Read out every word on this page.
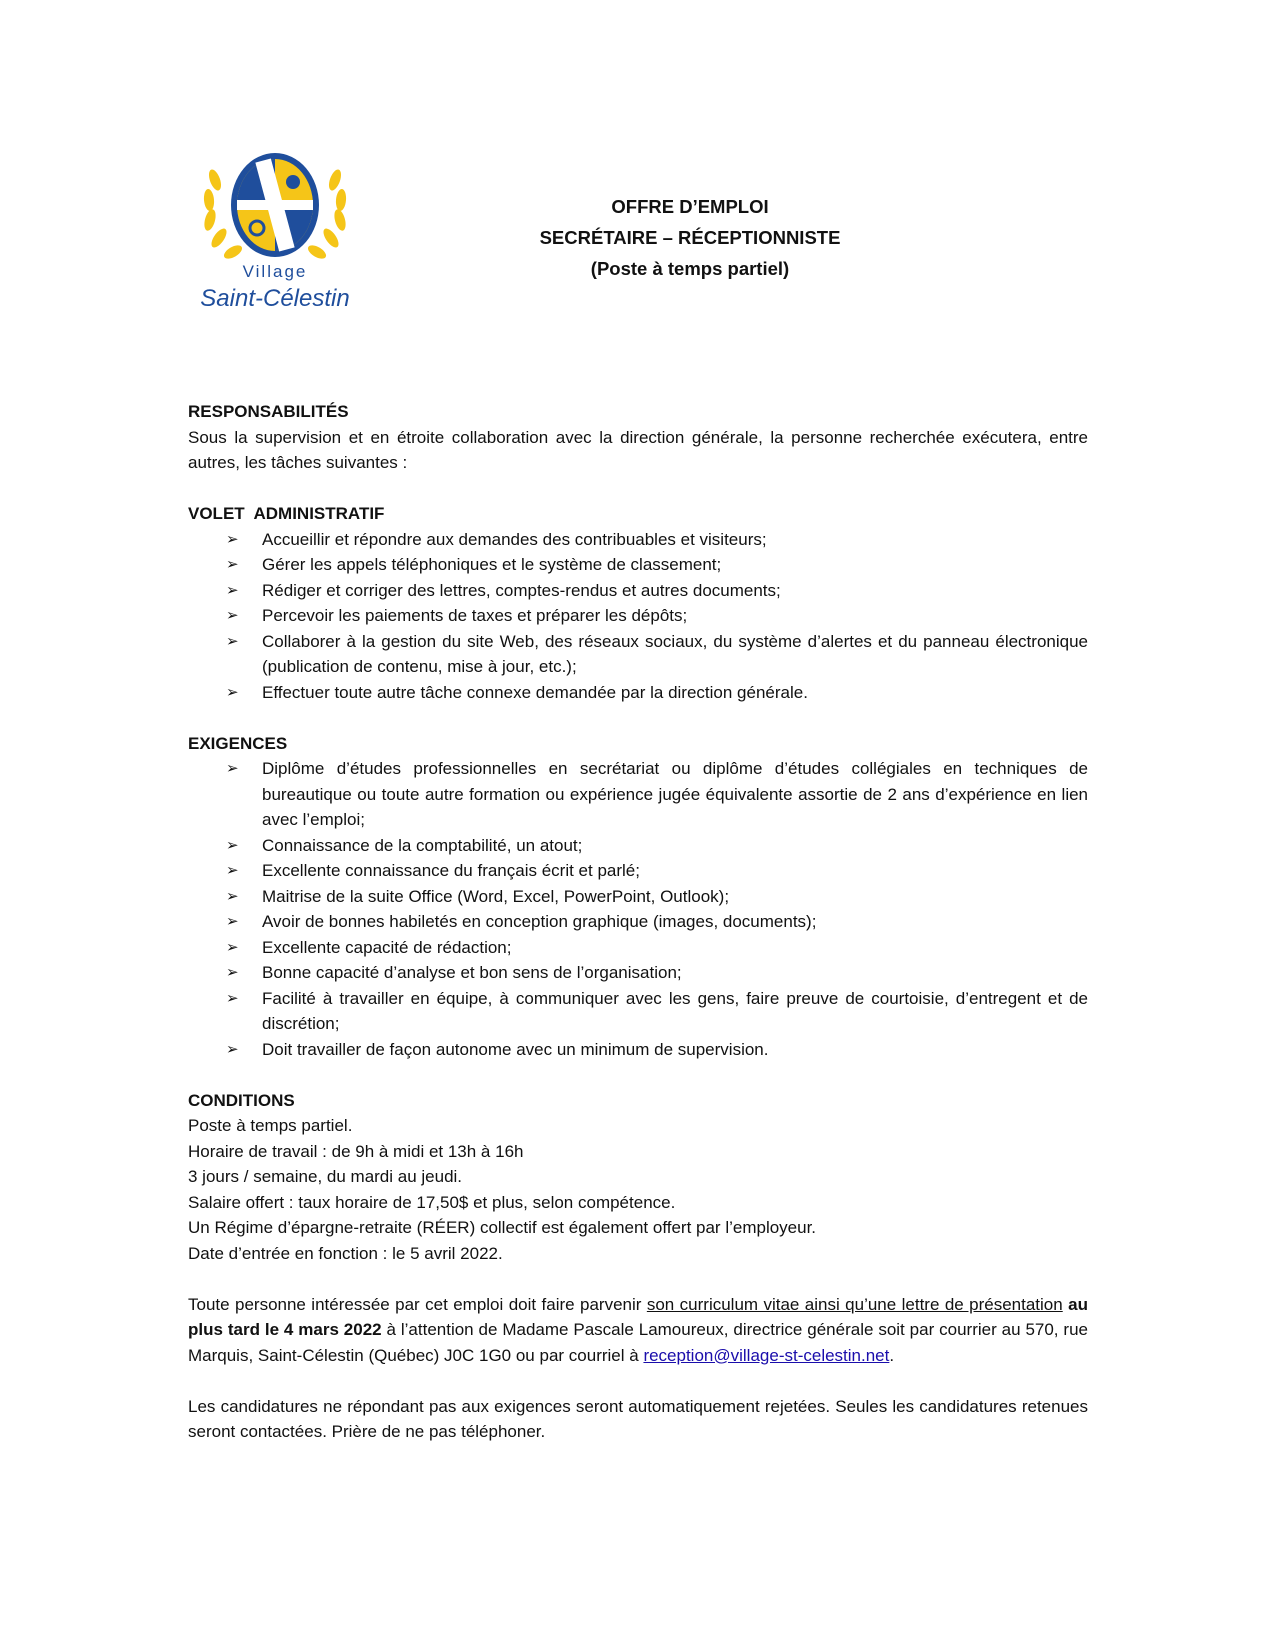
Village
Saint-Célestin
OFFRE D’EMPLOI
SECRÉTAIRE – RÉCEPTIONNISTE
(Poste à temps partiel)
RESPONSABILITÉS

Sous la supervision et en étroite collaboration avec la direction générale, la personne recherchée exécutera, entre autres, les tâches suivantes :

VOLET  ADMINISTRATIF
➢ Accueillir et répondre aux demandes des contribuables et visiteurs;
➢ Gérer les appels téléphoniques et le système de classement;
➢ Rédiger et corriger des lettres, comptes-rendus et autres documents;
➢ Percevoir les paiements de taxes et préparer les dépôts;
➢ Collaborer à la gestion du site Web, des réseaux sociaux, du système d’alertes et du panneau électronique (publication de contenu, mise à jour, etc.);
➢ Effectuer toute autre tâche connexe demandée par la direction générale.
EXIGENCES
➢ Diplôme d’études professionnelles en secrétariat ou diplôme d’études collégiales en techniques de bureautique ou toute autre formation ou expérience jugée équivalente assortie de 2 ans d’expérience en lien avec l’emploi;
➢ Connaissance de la comptabilité, un atout;
➢ Excellente connaissance du français écrit et parlé;
➢ Maitrise de la suite Office (Word, Excel, PowerPoint, Outlook);
➢ Avoir de bonnes habiletés en conception graphique (images, documents);
➢ Excellente capacité de rédaction;
➢ Bonne capacité d’analyse et bon sens de l’organisation;
➢ Facilité à travailler en équipe, à communiquer avec les gens, faire preuve de courtoisie, d’entregent et de discrétion;
➢ Doit travailler de façon autonome avec un minimum de supervision.
CONDITIONS
Poste à temps partiel.
Horaire de travail : de 9h à midi et 13h à 16h
3 jours / semaine, du mardi au jeudi.
Salaire offert : taux horaire de 17,50$ et plus, selon compétence.
Un Régime d’épargne-retraite (RÉER) collectif est également offert par l’employeur.
Date d’entrée en fonction : le 5 avril 2022.

Toute personne intéressée par cet emploi doit faire parvenir son curriculum vitae ainsi qu’une lettre de présentation au plus tard le 4 mars 2022 à l’attention de Madame Pascale Lamoureux, directrice générale soit par courrier au 570, rue Marquis, Saint-Célestin (Québec) J0C 1G0 ou par courriel à reception@village-st-celestin.net.

Les candidatures ne répondant pas aux exigences seront automatiquement rejetées. Seules les candidatures retenues seront contactées. Prière de ne pas téléphoner.
